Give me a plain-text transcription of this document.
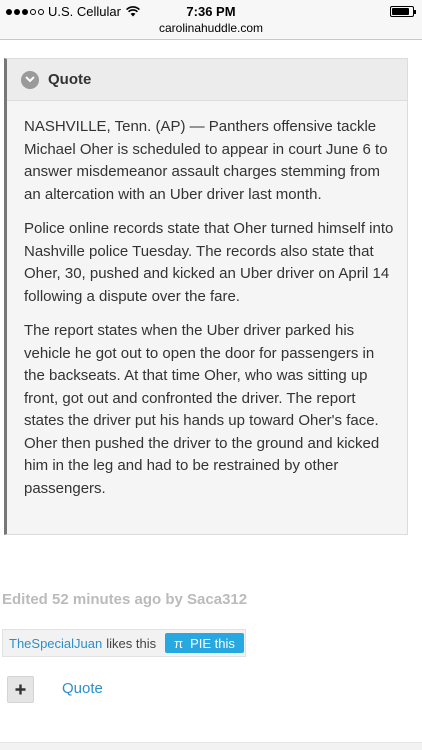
U.S. Cellular	7:36 PM
carolinahuddle.com
Quote

NASHVILLE, Tenn. (AP) — Panthers offensive tackle Michael Oher is scheduled to appear in court June 6 to answer misdemeanor assault charges stemming from an altercation with an Uber driver last month.

Police online records state that Oher turned himself into Nashville police Tuesday. The records also state that Oher, 30, pushed and kicked an Uber driver on April 14 following a dispute over the fare.

The report states when the Uber driver parked his vehicle he got out to open the door for passengers in the backseats. At that time Oher, who was sitting up front, got out and confronted the driver. The report states the driver put his hands up toward Oher's face. Oher then pushed the driver to the ground and kicked him in the leg and had to be restrained by other passengers.

Edited 52 minutes ago by Saca312
TheSpecialJuan likes this π PIE this
Quote
